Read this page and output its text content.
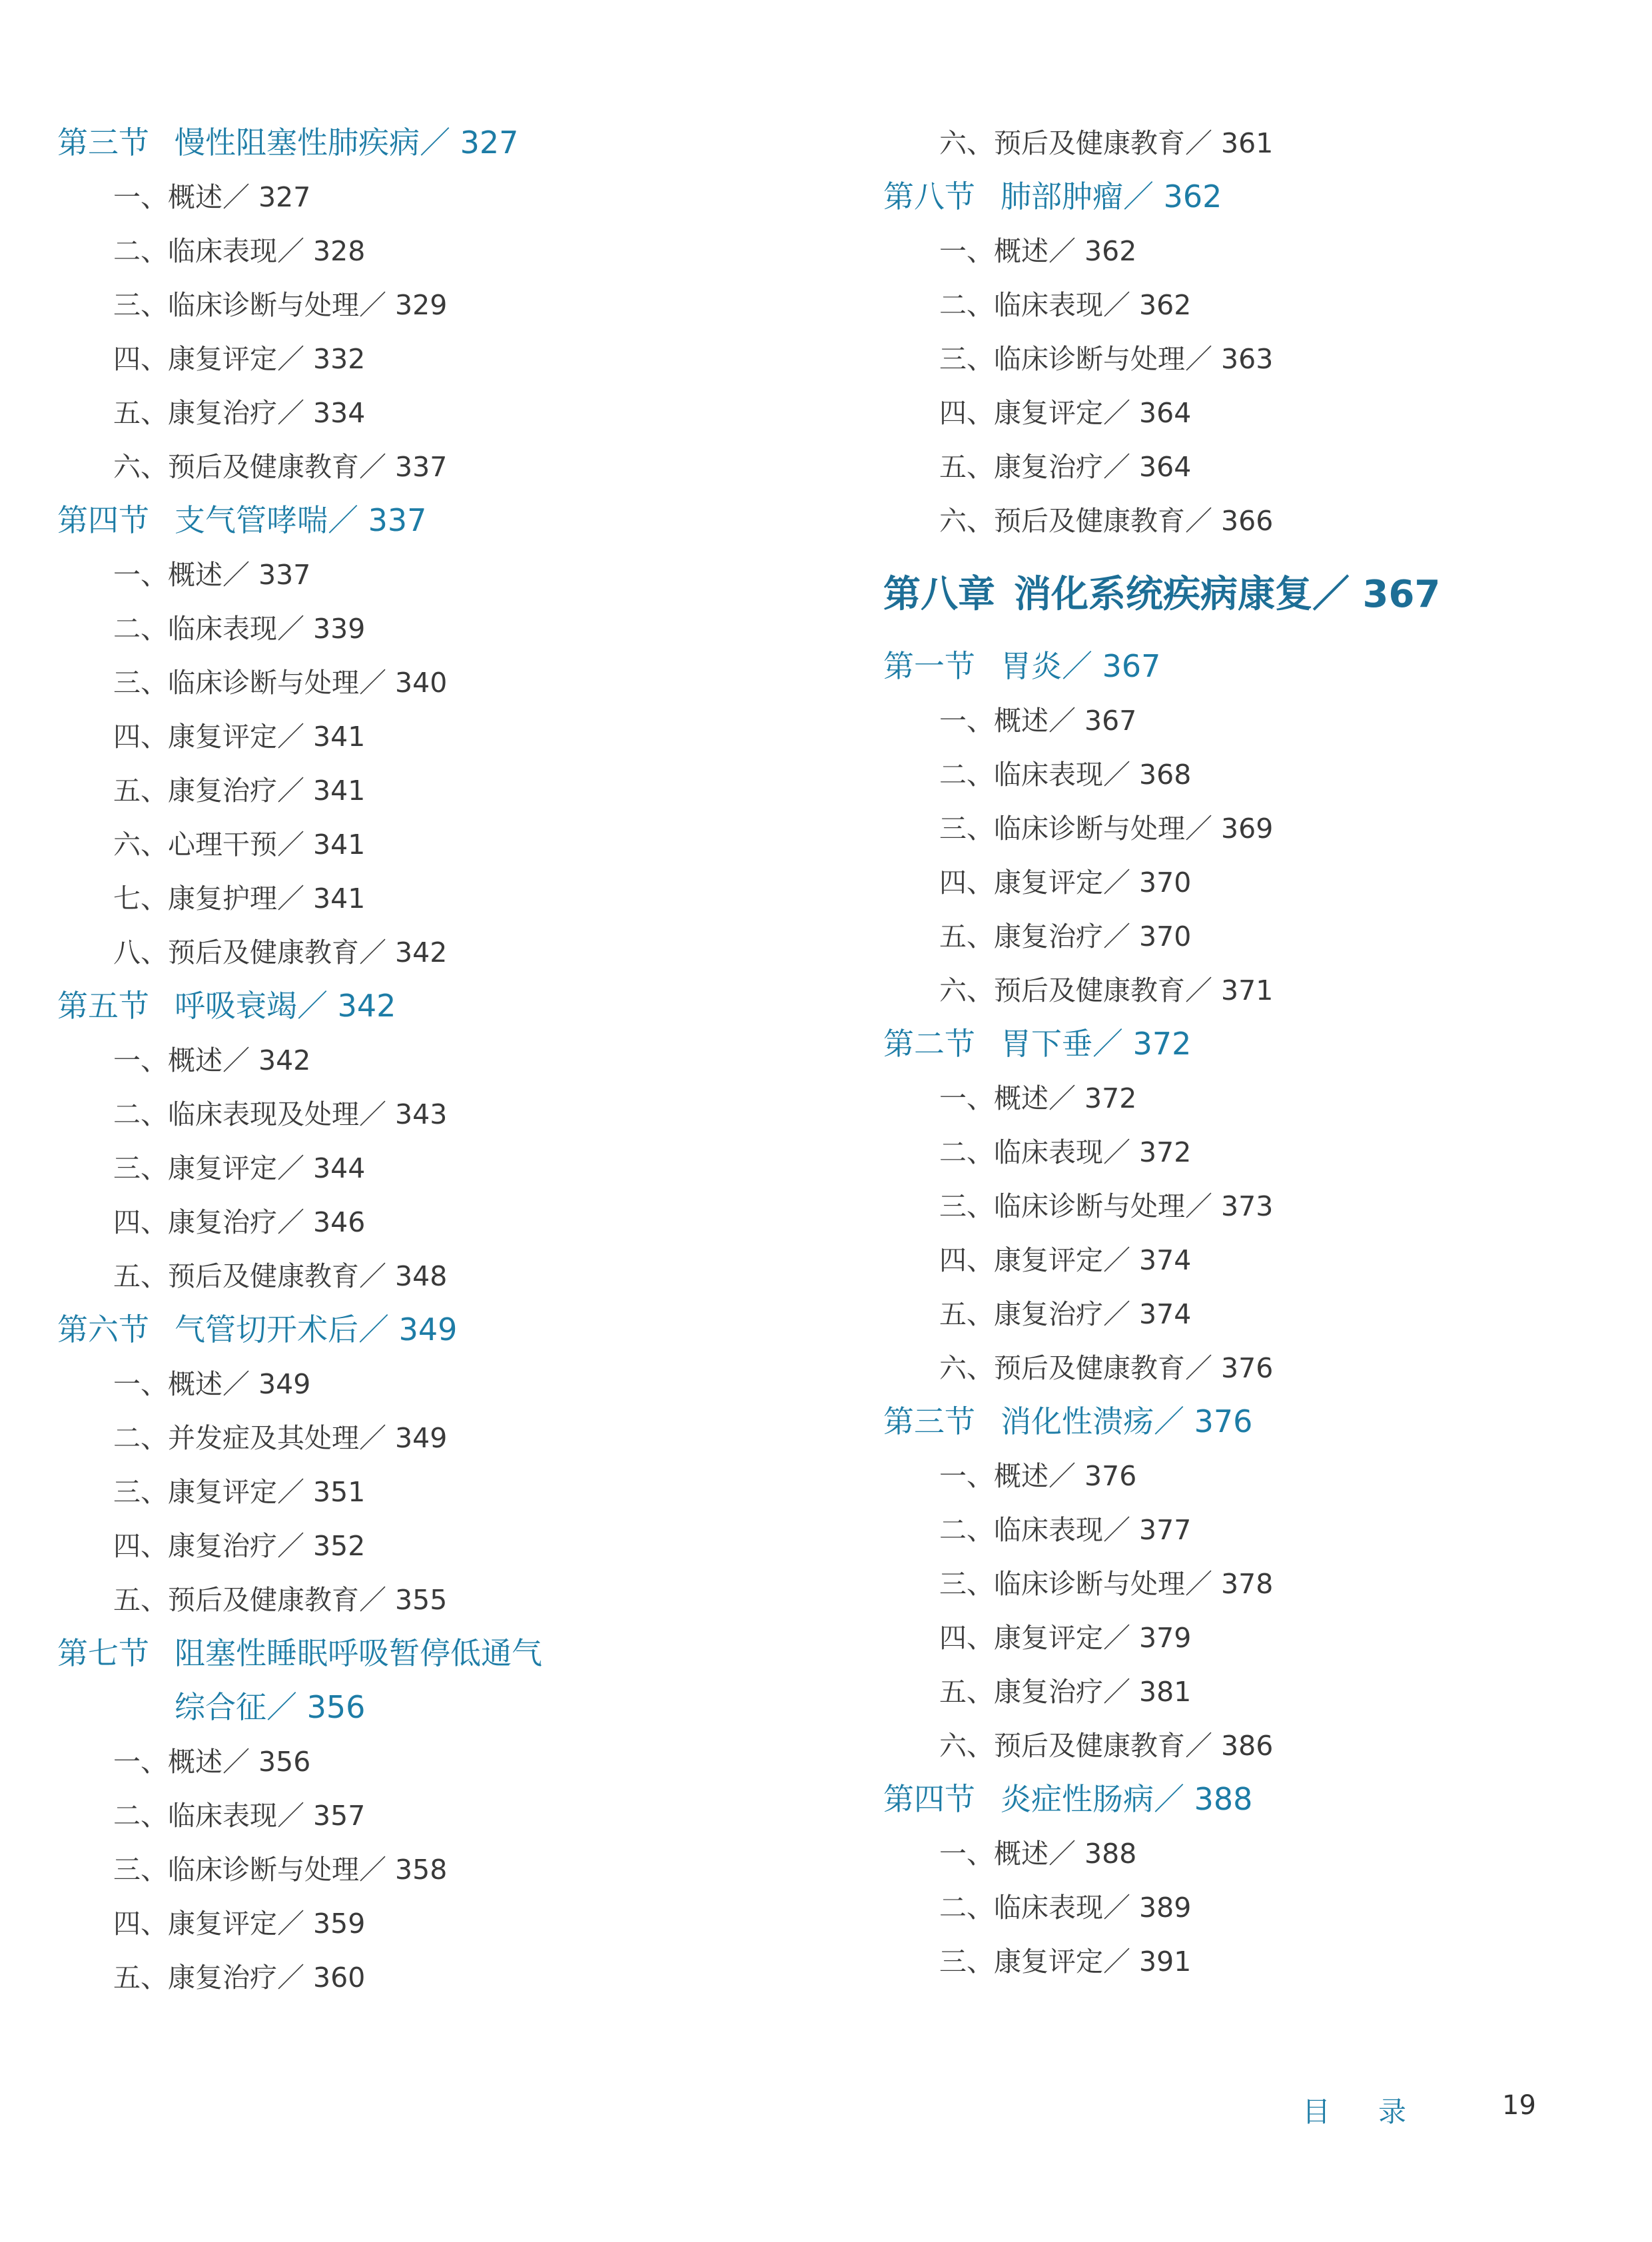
第三节 慢性阻塞性肺疾病／ 327
一、概述／ 327
二、临床表现／ 328
三、临床诊断与处理／ 329
四、康复评定／ 332
五、康复治疗／ 334
六、预后及健康教育／ 337
第四节 支气管哮喘／ 337
一、概述／ 337
二、临床表现／ 339
三、临床诊断与处理／ 340
四、康复评定／ 341
五、康复治疗／ 341
六、心理干预／ 341
七、康复护理／ 341
八、预后及健康教育／ 342
第五节 呼吸衰竭／ 342
一、概述／ 342
二、临床表现及处理／ 343
三、康复评定／ 344
四、康复治疗／ 346
五、预后及健康教育／ 348
第六节 气管切开术后／ 349
一、概述／ 349
二、并发症及其处理／ 349
三、康复评定／ 351
四、康复治疗／ 352
五、预后及健康教育／ 355
第七节 阻塞性睡眠呼吸暂停低通气
综合征／ 356
一、概述／ 356
二、临床表现／ 357
三、临床诊断与处理／ 358
四、康复评定／ 359
五、康复治疗／ 360
六、预后及健康教育／ 361
第八节 肺部肿瘤／ 362
一、概述／ 362
二、临床表现／ 362
三、临床诊断与处理／ 363
四、康复评定／ 364
五、康复治疗／ 364
六、预后及健康教育／ 366
第八章 消化系统疾病康复／ 367
第一节 胃炎／ 367
一、概述／ 367
二、临床表现／ 368
三、临床诊断与处理／ 369
四、康复评定／ 370
五、康复治疗／ 370
六、预后及健康教育／ 371
第二节 胃下垂／ 372
一、概述／ 372
二、临床表现／ 372
三、临床诊断与处理／ 373
四、康复评定／ 374
五、康复治疗／ 374
六、预后及健康教育／ 376
第三节 消化性溃疡／ 376
一、概述／ 376
二、临床表现／ 377
三、临床诊断与处理／ 378
四、康复评定／ 379
五、康复治疗／ 381
六、预后及健康教育／ 386
第四节 炎症性肠病／ 388
一、概述／ 388
二、临床表现／ 389
三、康复评定／ 391
目录 19
